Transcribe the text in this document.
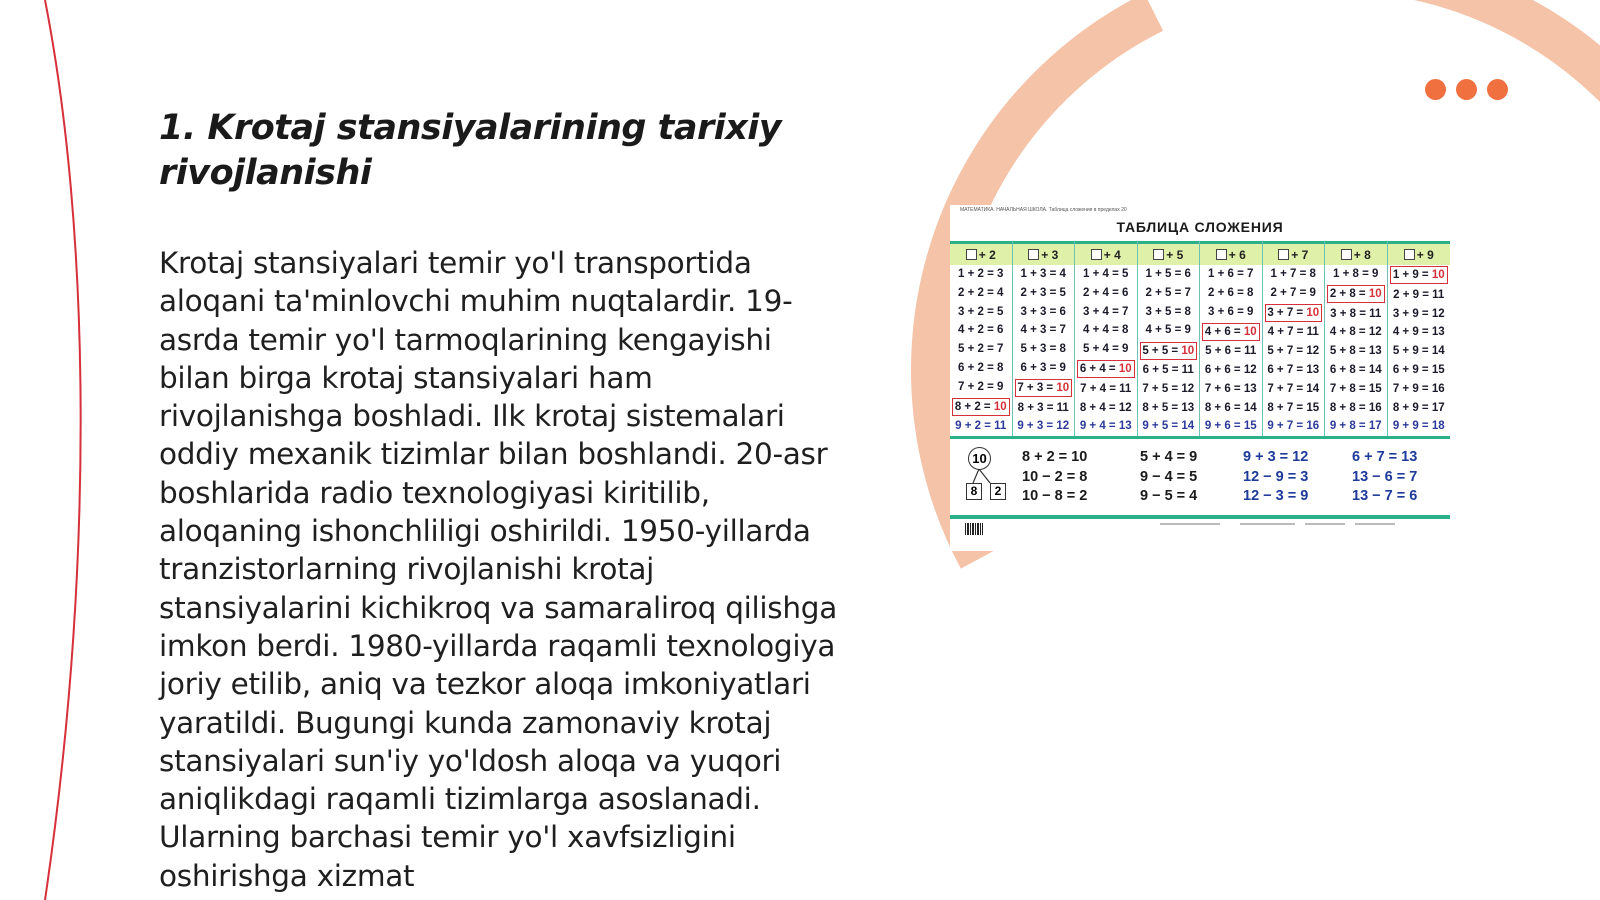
1. Krotaj stansiyalarining tarixiy rivojlanishi

Krotaj stansiyalari temir yo'l transportida aloqani ta'minlovchi muhim nuqtalardir. 19-asrda temir yo'l tarmoqlarining kengayishi bilan birga krotaj stansiyalari ham rivojlanishga boshladi. Ilk krotaj sistemalari oddiy mexanik tizimlar bilan boshlandi. 20-asr boshlarida radio texnologiyasi kiritilib, aloqaning ishonchliligi oshirildi. 1950-yillarda tranzistorlarning rivojlanishi krotaj stansiyalarini kichikroq va samaraliroq qilishga imkon berdi. 1980-yillarda raqamli texnologiya joriy etilib, aniq va tezkor aloqa imkoniyatlari yaratildi. Bugungi kunda zamonaviy krotaj stansiyalari sun'iy yo'ldosh aloqa va yuqori aniqlikdagi raqamli tizimlarga asoslanadi. Ularning barchasi temir yo'l xavfsizligini oshirishga xizmat

МАТЕМАТИКА. НАЧАЛЬНАЯ ШКОЛА. Таблица сложения в пределах 20
ТАБЛИЦА СЛОЖЕНИЯ
+ 2
1 + 2 = 3
2 + 2 = 4
3 + 2 = 5
4 + 2 = 6
5 + 2 = 7
6 + 2 = 8
7 + 2 = 9
8 + 2 = 10
9 + 2 = 11
+ 3
1 + 3 = 4
2 + 3 = 5
3 + 3 = 6
4 + 3 = 7
5 + 3 = 8
6 + 3 = 9
7 + 3 = 10
8 + 3 = 11
9 + 3 = 12
+ 4
1 + 4 = 5
2 + 4 = 6
3 + 4 = 7
4 + 4 = 8
5 + 4 = 9
6 + 4 = 10
7 + 4 = 11
8 + 4 = 12
9 + 4 = 13
+ 5
1 + 5 = 6
2 + 5 = 7
3 + 5 = 8
4 + 5 = 9
5 + 5 = 10
6 + 5 = 11
7 + 5 = 12
8 + 5 = 13
9 + 5 = 14
+ 6
1 + 6 = 7
2 + 6 = 8
3 + 6 = 9
4 + 6 = 10
5 + 6 = 11
6 + 6 = 12
7 + 6 = 13
8 + 6 = 14
9 + 6 = 15
+ 7
1 + 7 = 8
2 + 7 = 9
3 + 7 = 10
4 + 7 = 11
5 + 7 = 12
6 + 7 = 13
7 + 7 = 14
8 + 7 = 15
9 + 7 = 16
+ 8
1 + 8 = 9
2 + 8 = 10
3 + 8 = 11
4 + 8 = 12
5 + 8 = 13
6 + 8 = 14
7 + 8 = 15
8 + 8 = 16
9 + 8 = 17
+ 9
1 + 9 = 10
2 + 9 = 11
3 + 9 = 12
4 + 9 = 13
5 + 9 = 14
6 + 9 = 15
7 + 9 = 16
8 + 9 = 17
9 + 9 = 18
10
8	2
8 + 2 = 10
10 − 2 = 8
10 − 8 = 2
5 + 4 = 9
9 − 4 = 5
9 − 5 = 4
9 + 3 = 12
12 − 9 = 3
12 − 3 = 9
6 + 7 = 13
13 − 6 = 7
13 − 7 = 6
